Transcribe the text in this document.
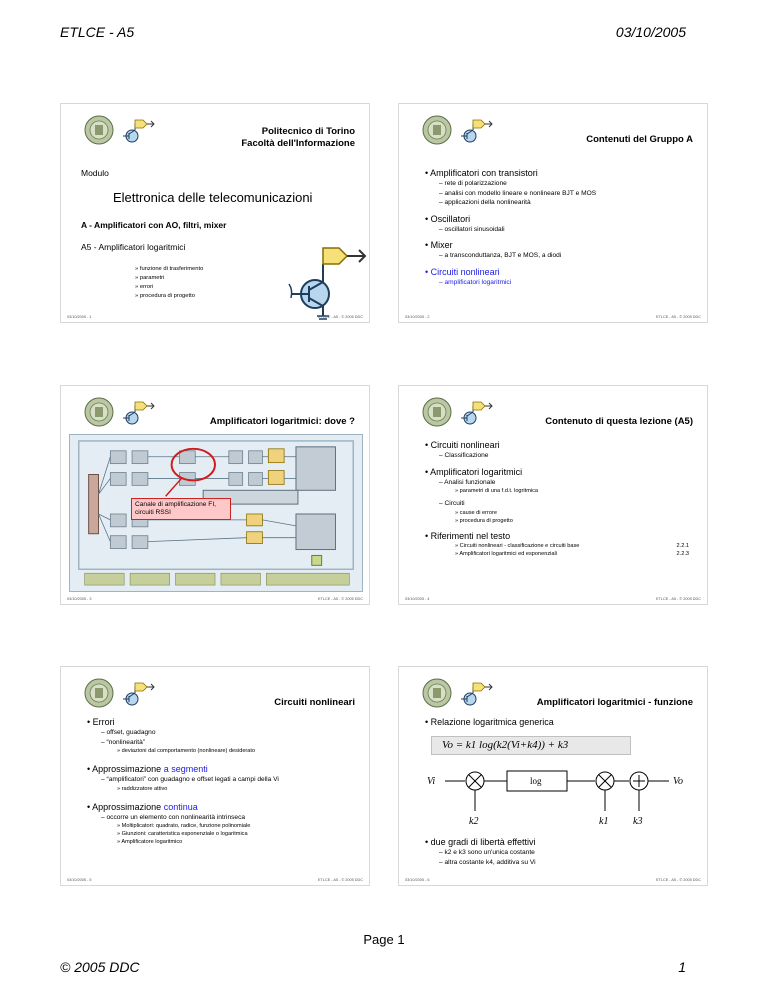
ETLCE - A5	03/10/2005
Politecnico di Torino
Facoltà dell'Informazione
Modulo
Elettronica delle telecomunicazioni
A - Amplificatori con AO, filtri, mixer
A5 - Amplificatori logaritmici
» funzione di trasferimento
» parametri
» errori
» procedura di progetto
03/10/2005 - 1	ETLCE - A5 - © 2005 DDC
Contenuti del Gruppo A
• Amplificatori con transistori
– rete di polarizzazione
– analisi con modello lineare e nonlineare BJT e MOS
– applicazioni della nonlinearità
• Oscillatori
– oscillatori sinusoidali
• Mixer
– a transconduttanza, BJT e MOS, a diodi
• Circuiti nonlineari
– amplificatori logaritmici
03/10/2005 - 2	ETLCE - A5 - © 2005 DDC
Amplificatori logaritmici: dove ?
Canale di amplificazione FI,
circuiti RSSI
03/10/2005 - 3	ETLCE - A5 - © 2005 DDC
Contenuto di questa lezione (A5)
• Circuiti nonlineari
– Classificazione
• Amplificatori logaritmici
– Analisi funzionale
» parametri di una f.d.t. logritmica
– Circuiti
» cause di errore
» procedura di progetto
• Riferimenti nel testo
» Circuiti nonlineari - classificazione e circuiti base	2.2.1
» Amplificatori logaritmici ed esponenziali	2.2.3
03/10/2005 - 4	ETLCE - A5 - © 2005 DDC
Circuiti nonlineari
• Errori
– offset, guadagno
– “nonlinearità”
» deviazioni dal comportamento (nonlineare) desiderato
• Approssimazione a segmenti
– “amplificatori” con guadagno e offset legati a campi della Vi
» raddizzatore attivo
• Approssimazione continua
– occorre un elemento con nonlinearità intrinseca
» Moltiplicatori: quadrato, radice, funzione polinomiale
» Giunzioni: caratteristica esponenziale o logaritmica
» Amplificatore logaritmico
03/10/2005 - 5	ETLCE - A5 - © 2005 DDC
Amplificatori logaritmici - funzione
• Relazione logaritmica generica
Vo = k1 log(k2(Vi+k4)) + k3
Vi	log	Vo
k2	k1 k3
• due gradi di libertà effettivi
– k2 e k3 sono un'unica costante
– altra costante k4, additiva su Vi
03/10/2005 - 6	ETLCE - A5 - © 2005 DDC
Page 1
© 2005 DDC	1
